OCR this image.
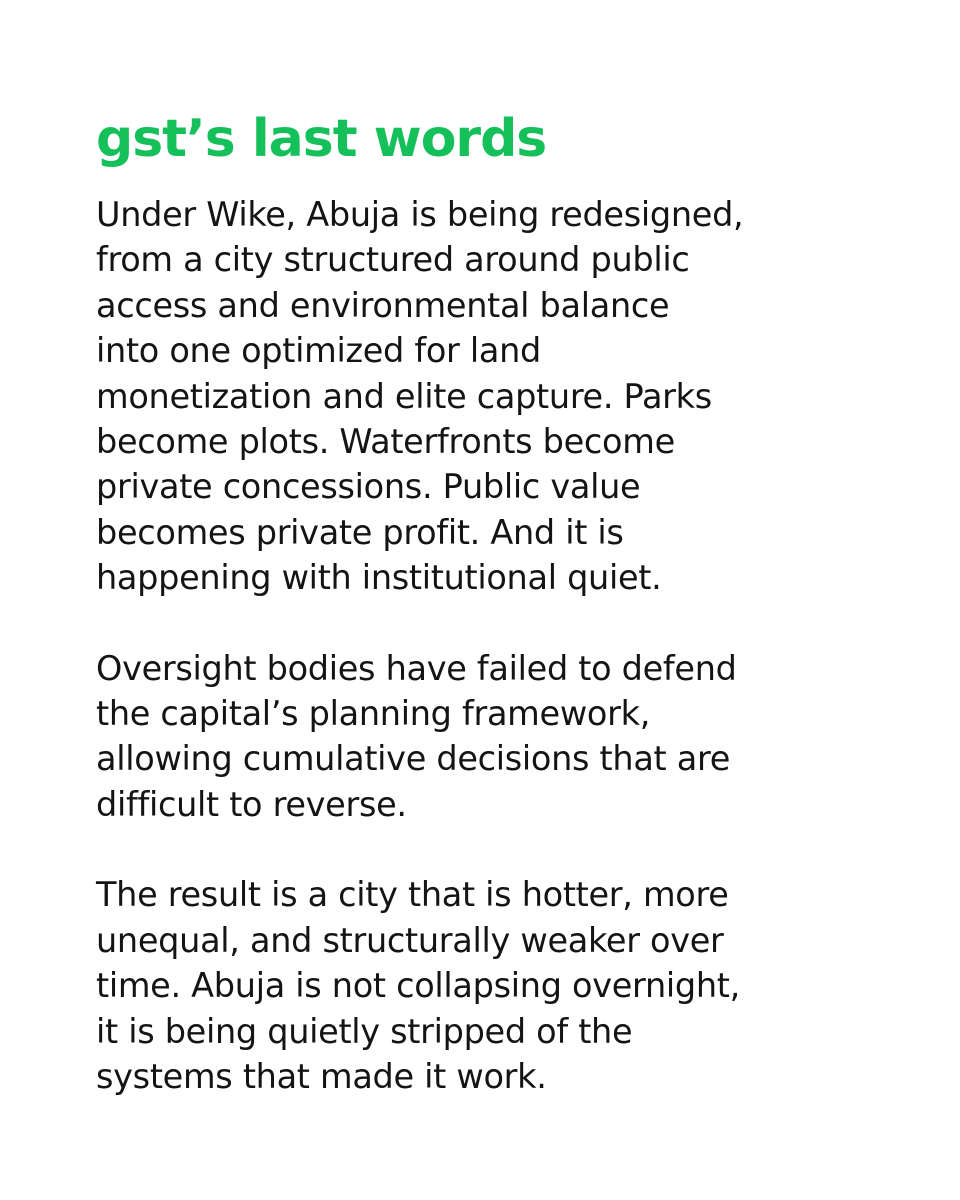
gst’s last words

Under Wike, Abuja is being redesigned,
from a city structured around public
access and environmental balance
into one optimized for land
monetization and elite capture. Parks
become plots. Waterfronts become
private concessions. Public value
becomes private profit. And it is
happening with institutional quiet.

Oversight bodies have failed to defend
the capital’s planning framework,
allowing cumulative decisions that are
difficult to reverse.

The result is a city that is hotter, more
unequal, and structurally weaker over
time. Abuja is not collapsing overnight,
it is being quietly stripped of the
systems that made it work.
